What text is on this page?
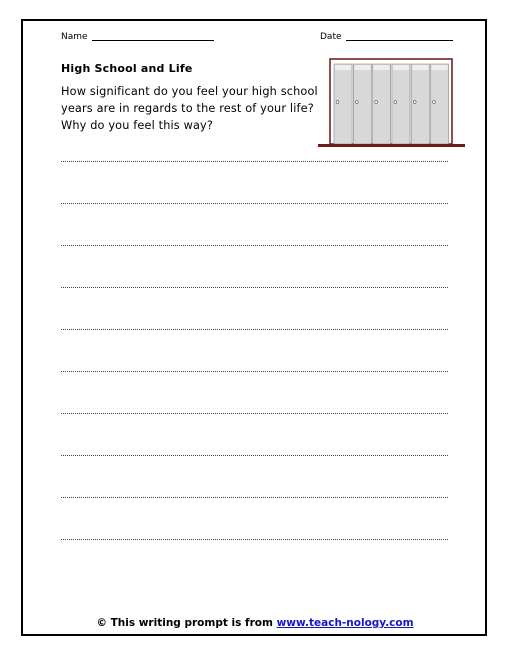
Name	Date
High School and Life
How significant do you feel your high school years are in regards to the rest of your life? Why do you feel this way?
© This writing prompt is from www.teach-nology.com
